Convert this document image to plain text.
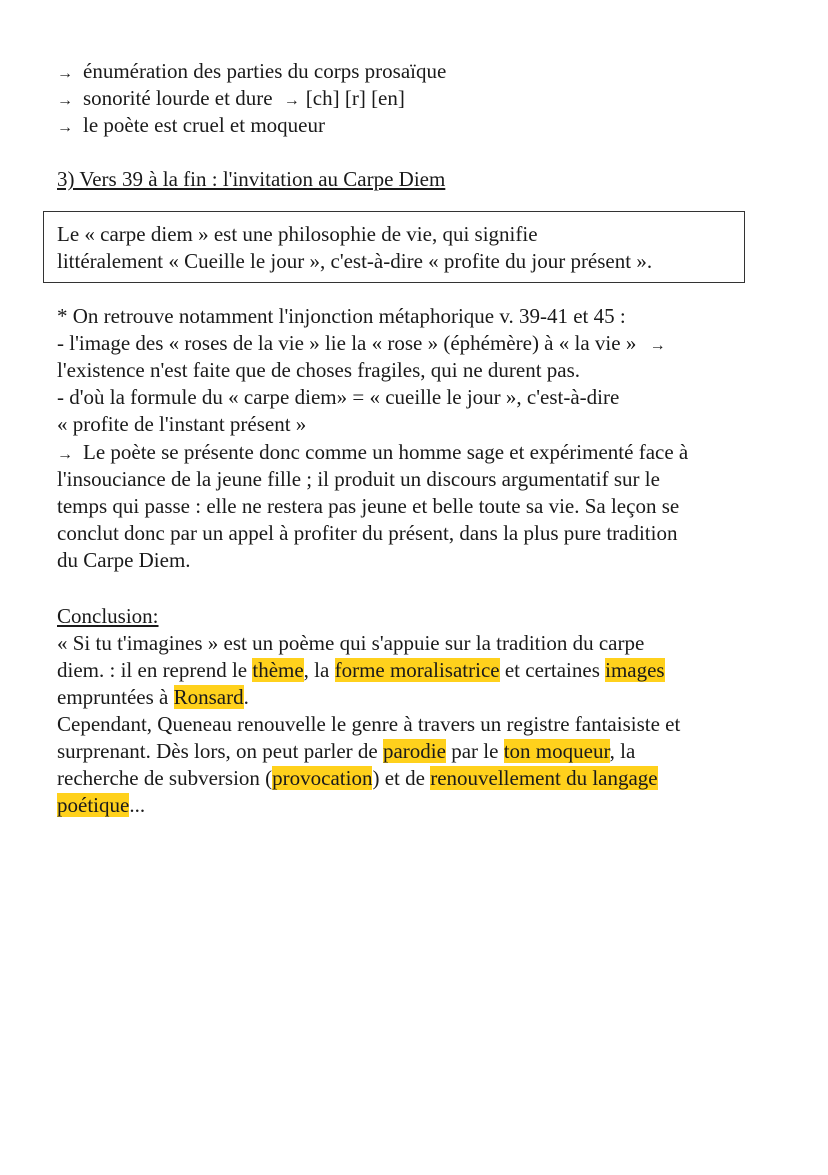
→ énumération des parties du corps prosaïque
→ sonorité lourde et dure → [ch] [r] [en]
→ le poète est cruel et moqueur
3) Vers 39 à la fin : l'invitation au Carpe Diem
Le « carpe diem » est une philosophie de vie, qui signifie
littéralement « Cueille le jour », c'est-à-dire « profite du jour présent ».
* On retrouve notamment l'injonction métaphorique v. 39-41 et 45 :
- l'image des « roses de la vie » lie la « rose » (éphémère) à « la vie » →
l'existence n'est faite que de choses fragiles, qui ne durent pas.
- d'où la formule du « carpe diem» = « cueille le jour », c'est-à-dire
« profite de l'instant présent »
→ Le poète se présente donc comme un homme sage et expérimenté face à
l'insouciance de la jeune fille ; il produit un discours argumentatif sur le
temps qui passe : elle ne restera pas jeune et belle toute sa vie. Sa leçon se
conclut donc par un appel à profiter du présent, dans la plus pure tradition
du Carpe Diem.
Conclusion:
« Si tu t'imagines » est un poème qui s'appuie sur la tradition du carpe
diem. : il en reprend le thème, la forme moralisatrice et certaines images
empruntées à Ronsard.
Cependant, Queneau renouvelle le genre à travers un registre fantaisiste et
surprenant. Dès lors, on peut parler de parodie par le ton moqueur, la
recherche de subversion (provocation) et de renouvellement du langage
poétique...
